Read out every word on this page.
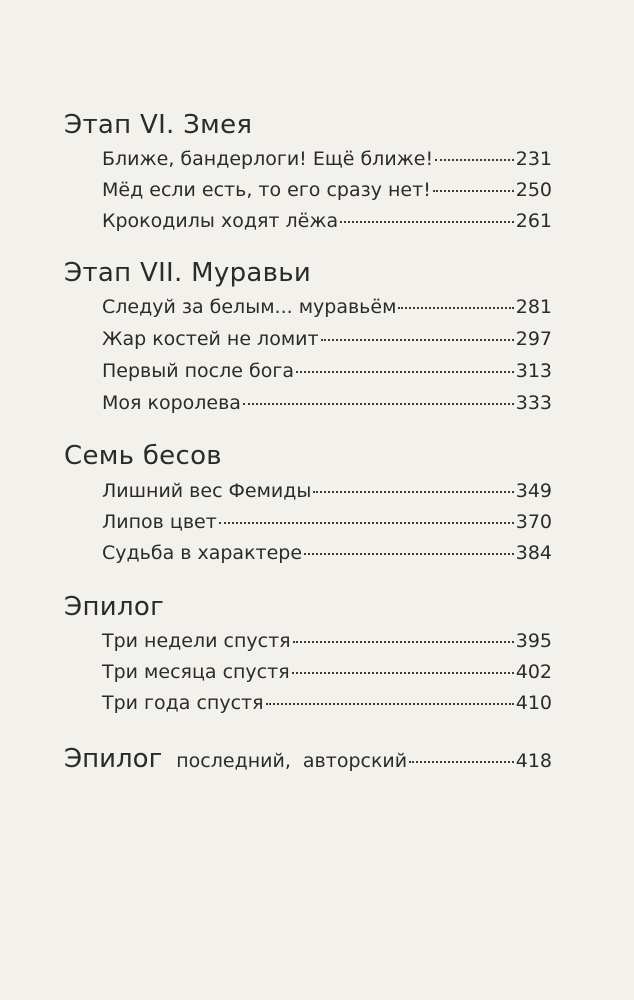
Этап VI. Змея
Ближе, бандерлоги! Ещё ближе!	231
Мёд если есть, то его сразу нет!	250
Крокодилы ходят лёжа	261
Этап VII. Муравьи
Следуй за белым... муравьём	281
Жар костей не ломит	297
Первый после бога	313
Моя королева	333
Семь бесов
Лишний вес Фемиды	349
Липов цвет	370
Судьба в характере	384
Эпилог
Три недели спустя	395
Три месяца спустя	402
Три года спустя	410
Эпилог последний, авторский	418
